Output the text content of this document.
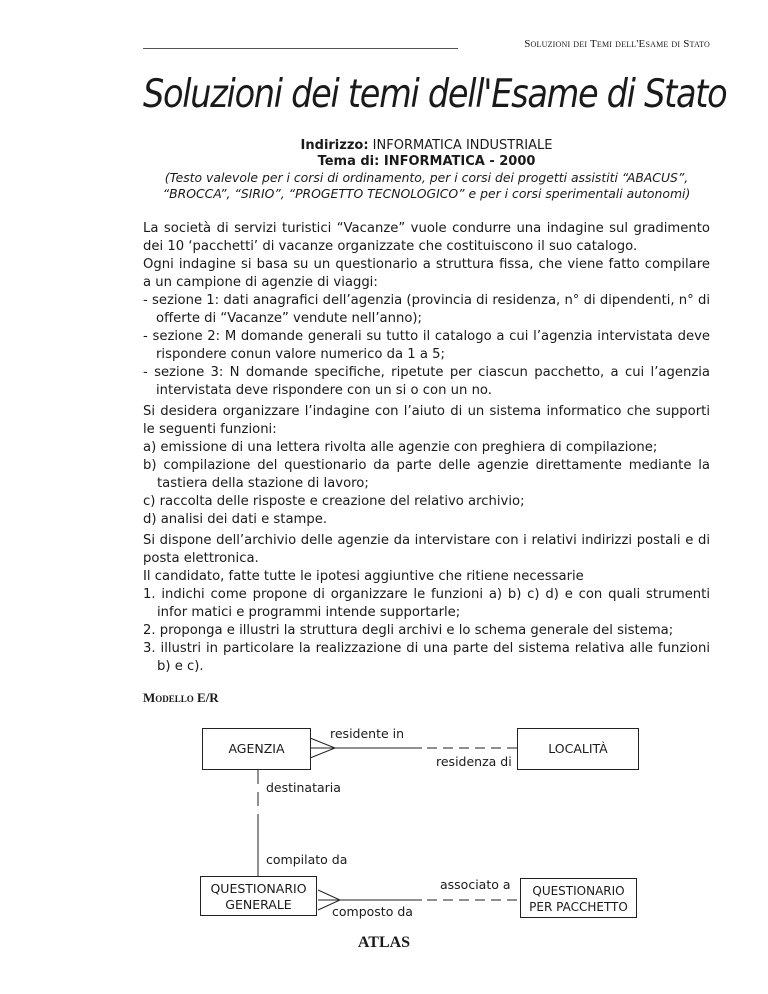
Soluzioni dei Temi dell'Esame di Stato
Soluzioni dei temi dell'Esame di Stato
Indirizzo: INFORMATICA INDUSTRIALE
Tema di: INFORMATICA - 2000
(Testo valevole per i corsi di ordinamento, per i corsi dei progetti assistiti “ABACUS”, “BROCCA”, “SIRIO”, “PROGETTO TECNOLOGICO” e per i corsi sperimentali autonomi)

La società di servizi turistici “Vacanze” vuole condurre una indagine sul gradimento dei 10 ‘pacchetti’ di vacanze organizzate che costituiscono il suo catalogo.

Ogni indagine si basa su un questionario a struttura fissa, che viene fatto compilare a un campione di agenzie di viaggi:

- sezione 1: dati anagrafici dell’agenzia (provincia di residenza, n° di dipendenti, n° di offerte di “Vacanze” vendute nell’anno);

- sezione 2: M domande generali su tutto il catalogo a cui l’agenzia intervistata deve rispondere conun valore numerico da 1 a 5;

- sezione 3: N domande specifiche, ripetute per ciascun pacchetto, a cui l’agenzia intervistata deve rispondere con un si o con un no.

Si desidera organizzare l’indagine con l’aiuto di un sistema informatico che supporti le seguenti funzioni:

a) emissione di una lettera rivolta alle agenzie con preghiera di compilazione;

b) compilazione del questionario da parte delle agenzie direttamente mediante la tastiera della stazione di lavoro;

c) raccolta delle risposte e creazione del relativo archivio;

d) analisi dei dati e stampe.

Si dispone dell’archivio delle agenzie da intervistare con i relativi indirizzi postali e di posta elettronica.

Il candidato, fatte tutte le ipotesi aggiuntive che ritiene necessarie

1. indichi come propone di organizzare le funzioni a) b) c) d) e con quali strumenti infor matici e programmi intende supportarle;

2. proponga e illustri la struttura degli archivi e lo schema generale del sistema;

3. illustri in particolare la realizzazione di una parte del sistema relativa alle funzioni b) e c).

Modello E/R
AGENZIA	LOCALITÀ
QUESTIONARIO
GENERALE
QUESTIONARIO
PER PACCHETTO
residente in
residenza di
destinataria
compilato da
associato a
composto da
ATLAS
